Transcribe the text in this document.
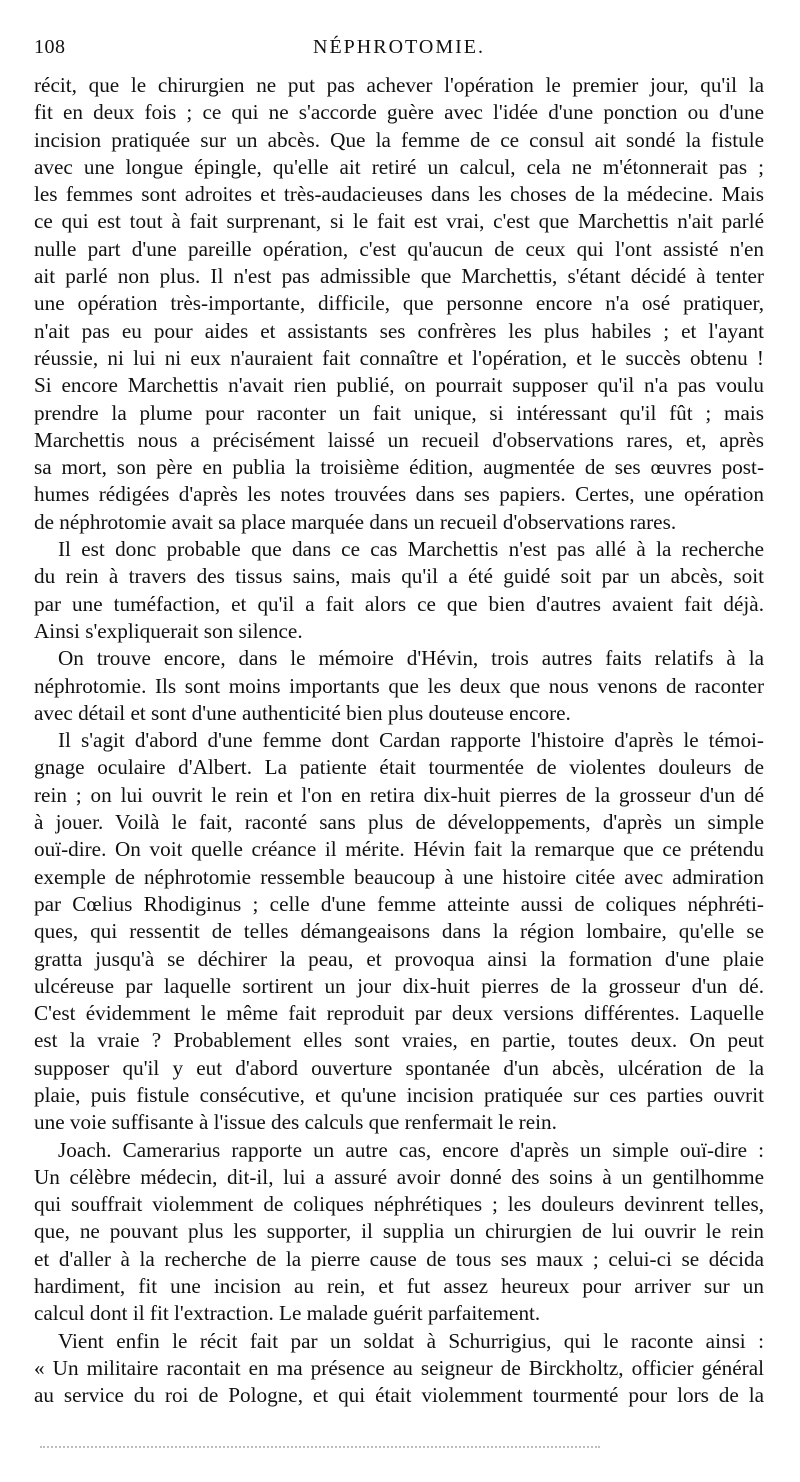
108	NÉPHROTOMIE.
récit, que le chirurgien ne put pas achever l'opération le premier jour, qu'il la
fit en deux fois ; ce qui ne s'accorde guère avec l'idée d'une ponction ou d'une
incision pratiquée sur un abcès. Que la femme de ce consul ait sondé la fistule
avec une longue épingle, qu'elle ait retiré un calcul, cela ne m'étonnerait pas ;
les femmes sont adroites et très-audacieuses dans les choses de la médecine. Mais
ce qui est tout à fait surprenant, si le fait est vrai, c'est que Marchettis n'ait parlé
nulle part d'une pareille opération, c'est qu'aucun de ceux qui l'ont assisté n'en
ait parlé non plus. Il n'est pas admissible que Marchettis, s'étant décidé à tenter
une opération très-importante, difficile, que personne encore n'a osé pratiquer,
n'ait pas eu pour aides et assistants ses confrères les plus habiles ; et l'ayant
réussie, ni lui ni eux n'auraient fait connaître et l'opération, et le succès obtenu !
Si encore Marchettis n'avait rien publié, on pourrait supposer qu'il n'a pas voulu
prendre la plume pour raconter un fait unique, si intéressant qu'il fût ; mais
Marchettis nous a précisément laissé un recueil d'observations rares, et, après
sa mort, son père en publia la troisième édition, augmentée de ses œuvres post-
humes rédigées d'après les notes trouvées dans ses papiers. Certes, une opération
de néphrotomie avait sa place marquée dans un recueil d'observations rares.
Il est donc probable que dans ce cas Marchettis n'est pas allé à la recherche
du rein à travers des tissus sains, mais qu'il a été guidé soit par un abcès, soit
par une tuméfaction, et qu'il a fait alors ce que bien d'autres avaient fait déjà.
Ainsi s'expliquerait son silence.
On trouve encore, dans le mémoire d'Hévin, trois autres faits relatifs à la
néphrotomie. Ils sont moins importants que les deux que nous venons de raconter
avec détail et sont d'une authenticité bien plus douteuse encore.
Il s'agit d'abord d'une femme dont Cardan rapporte l'histoire d'après le témoi-
gnage oculaire d'Albert. La patiente était tourmentée de violentes douleurs de
rein ; on lui ouvrit le rein et l'on en retira dix-huit pierres de la grosseur d'un dé
à jouer. Voilà le fait, raconté sans plus de développements, d'après un simple
ouï-dire. On voit quelle créance il mérite. Hévin fait la remarque que ce prétendu
exemple de néphrotomie ressemble beaucoup à une histoire citée avec admiration
par Cœlius Rhodiginus ; celle d'une femme atteinte aussi de coliques néphréti-
ques, qui ressentit de telles démangeaisons dans la région lombaire, qu'elle se
gratta jusqu'à se déchirer la peau, et provoqua ainsi la formation d'une plaie
ulcéreuse par laquelle sortirent un jour dix-huit pierres de la grosseur d'un dé.
C'est évidemment le même fait reproduit par deux versions différentes. Laquelle
est la vraie ? Probablement elles sont vraies, en partie, toutes deux. On peut
supposer qu'il y eut d'abord ouverture spontanée d'un abcès, ulcération de la
plaie, puis fistule consécutive, et qu'une incision pratiquée sur ces parties ouvrit
une voie suffisante à l'issue des calculs que renfermait le rein.
Joach. Camerarius rapporte un autre cas, encore d'après un simple ouï-dire :
Un célèbre médecin, dit-il, lui a assuré avoir donné des soins à un gentilhomme
qui souffrait violemment de coliques néphrétiques ; les douleurs devinrent telles,
que, ne pouvant plus les supporter, il supplia un chirurgien de lui ouvrir le rein
et d'aller à la recherche de la pierre cause de tous ses maux ; celui-ci se décida
hardiment, fit une incision au rein, et fut assez heureux pour arriver sur un
calcul dont il fit l'extraction. Le malade guérit parfaitement.
Vient enfin le récit fait par un soldat à Schurrigius, qui le raconte ainsi :
« Un militaire racontait en ma présence au seigneur de Birckholtz, officier général
au service du roi de Pologne, et qui était violemment tourmenté pour lors de la
